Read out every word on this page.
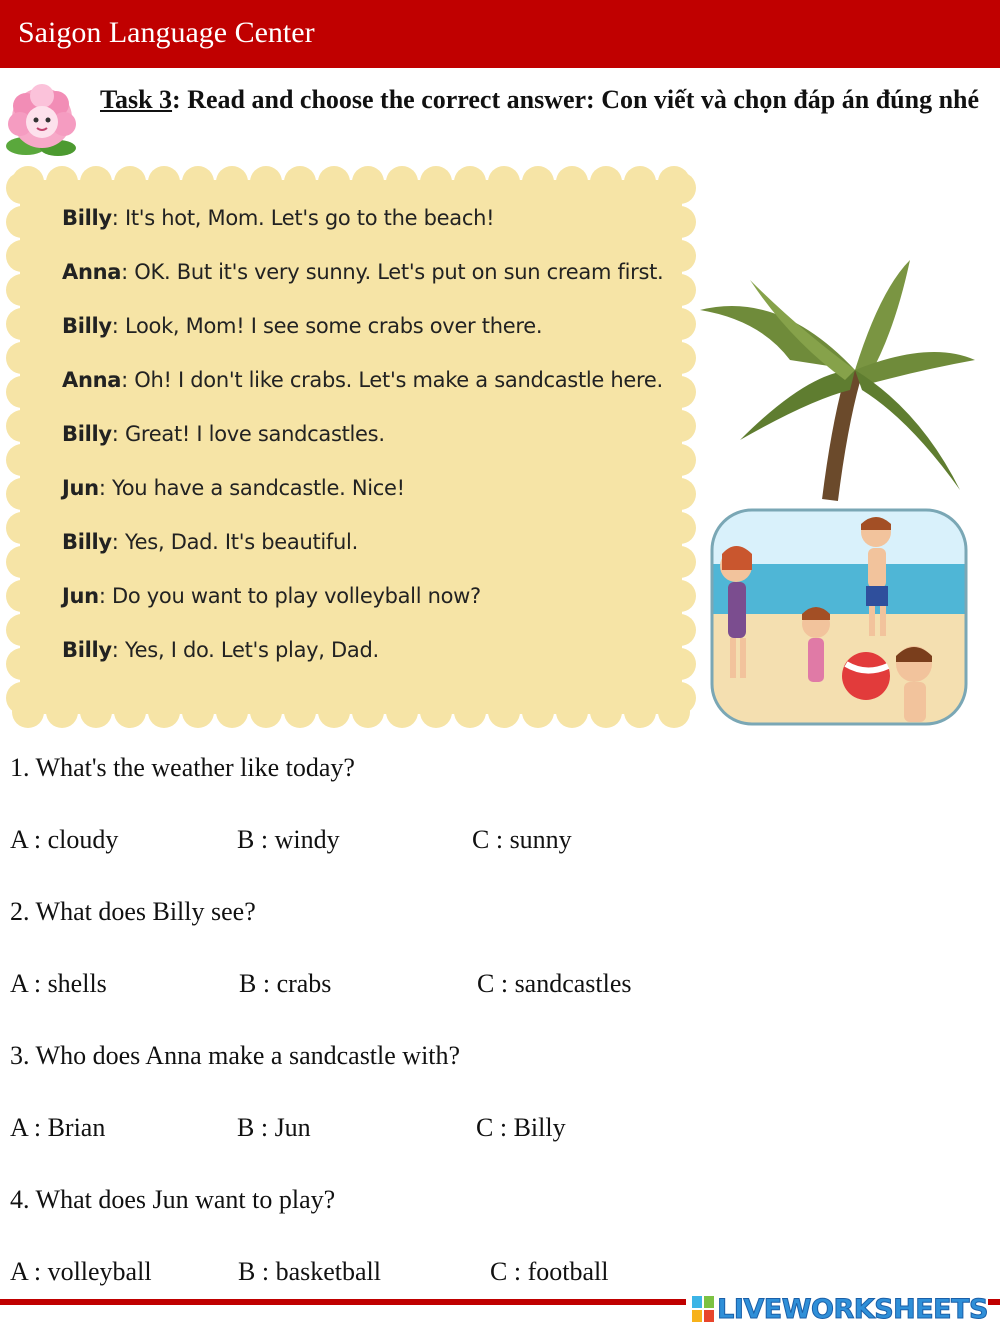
Saigon Language Center
Task 3: Read and choose the correct answer: Con viết và chọn đáp án đúng nhé
Billy: It's hot, Mom. Let's go to the beach!
Anna: OK. But it's very sunny. Let's put on sun cream first.
Billy: Look, Mom! I see some crabs over there.
Anna: Oh! I don't like crabs. Let's make a sandcastle here.
Billy: Great! I love sandcastles.
Jun: You have a sandcastle. Nice!
Billy: Yes, Dad. It's beautiful.
Jun: Do you want to play volleyball now?
Billy: Yes, I do. Let's play, Dad.
1. What's the weather like today?
A : cloudy	B : windy	C : sunny
2. What does Billy see?
A : shells	B : crabs	C : sandcastles
3. Who does Anna make a sandcastle with?
A : Brian	B : Jun	C : Billy
4. What does Jun want to play?
A : volleyball	B : basketball	C : football
LIVEWORKSHEETS
